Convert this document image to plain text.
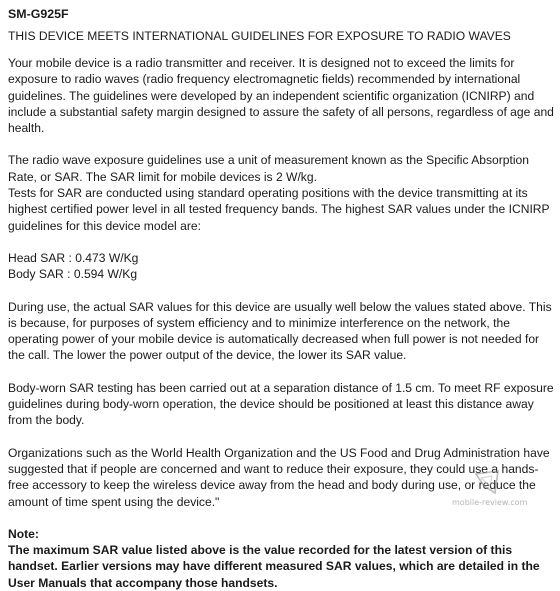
SM-G925F
THIS DEVICE MEETS INTERNATIONAL GUIDELINES FOR EXPOSURE TO RADIO WAVES

Your mobile device is a radio transmitter and receiver. It is designed not to exceed the limits for exposure to radio waves (radio frequency electromagnetic fields) recommended by international guidelines. The guidelines were developed by an independent scientific organization (ICNIRP) and include a substantial safety margin designed to assure the safety of all persons, regardless of age and health.

The radio wave exposure guidelines use a unit of measurement known as the Specific Absorption Rate, or SAR. The SAR limit for mobile devices is 2 W/kg.
Tests for SAR are conducted using standard operating positions with the device transmitting at its highest certified power level in all tested frequency bands. The highest SAR values under the ICNIRP guidelines for this device model are:

Head SAR : 0.473 W/Kg
Body SAR : 0.594 W/Kg

During use, the actual SAR values for this device are usually well below the values stated above. This is because, for purposes of system efficiency and to minimize interference on the network, the operating power of your mobile device is automatically decreased when full power is not needed for the call. The lower the power output of the device, the lower its SAR value.

Body-worn SAR testing has been carried out at a separation distance of 1.5 cm. To meet RF exposure guidelines during body-worn operation, the device should be positioned at least this distance away from the body.

Organizations such as the World Health Organization and the US Food and Drug Administration have suggested that if people are concerned and want to reduce their exposure, they could use a hands-free accessory to keep the wireless device away from the head and body during use, or reduce the amount of time spent using the device."

Note:
The maximum SAR value listed above is the value recorded for the latest version of this handset. Earlier versions may have different measured SAR values, which are detailed in the User Manuals that accompany those handsets.
mobile-review.com
